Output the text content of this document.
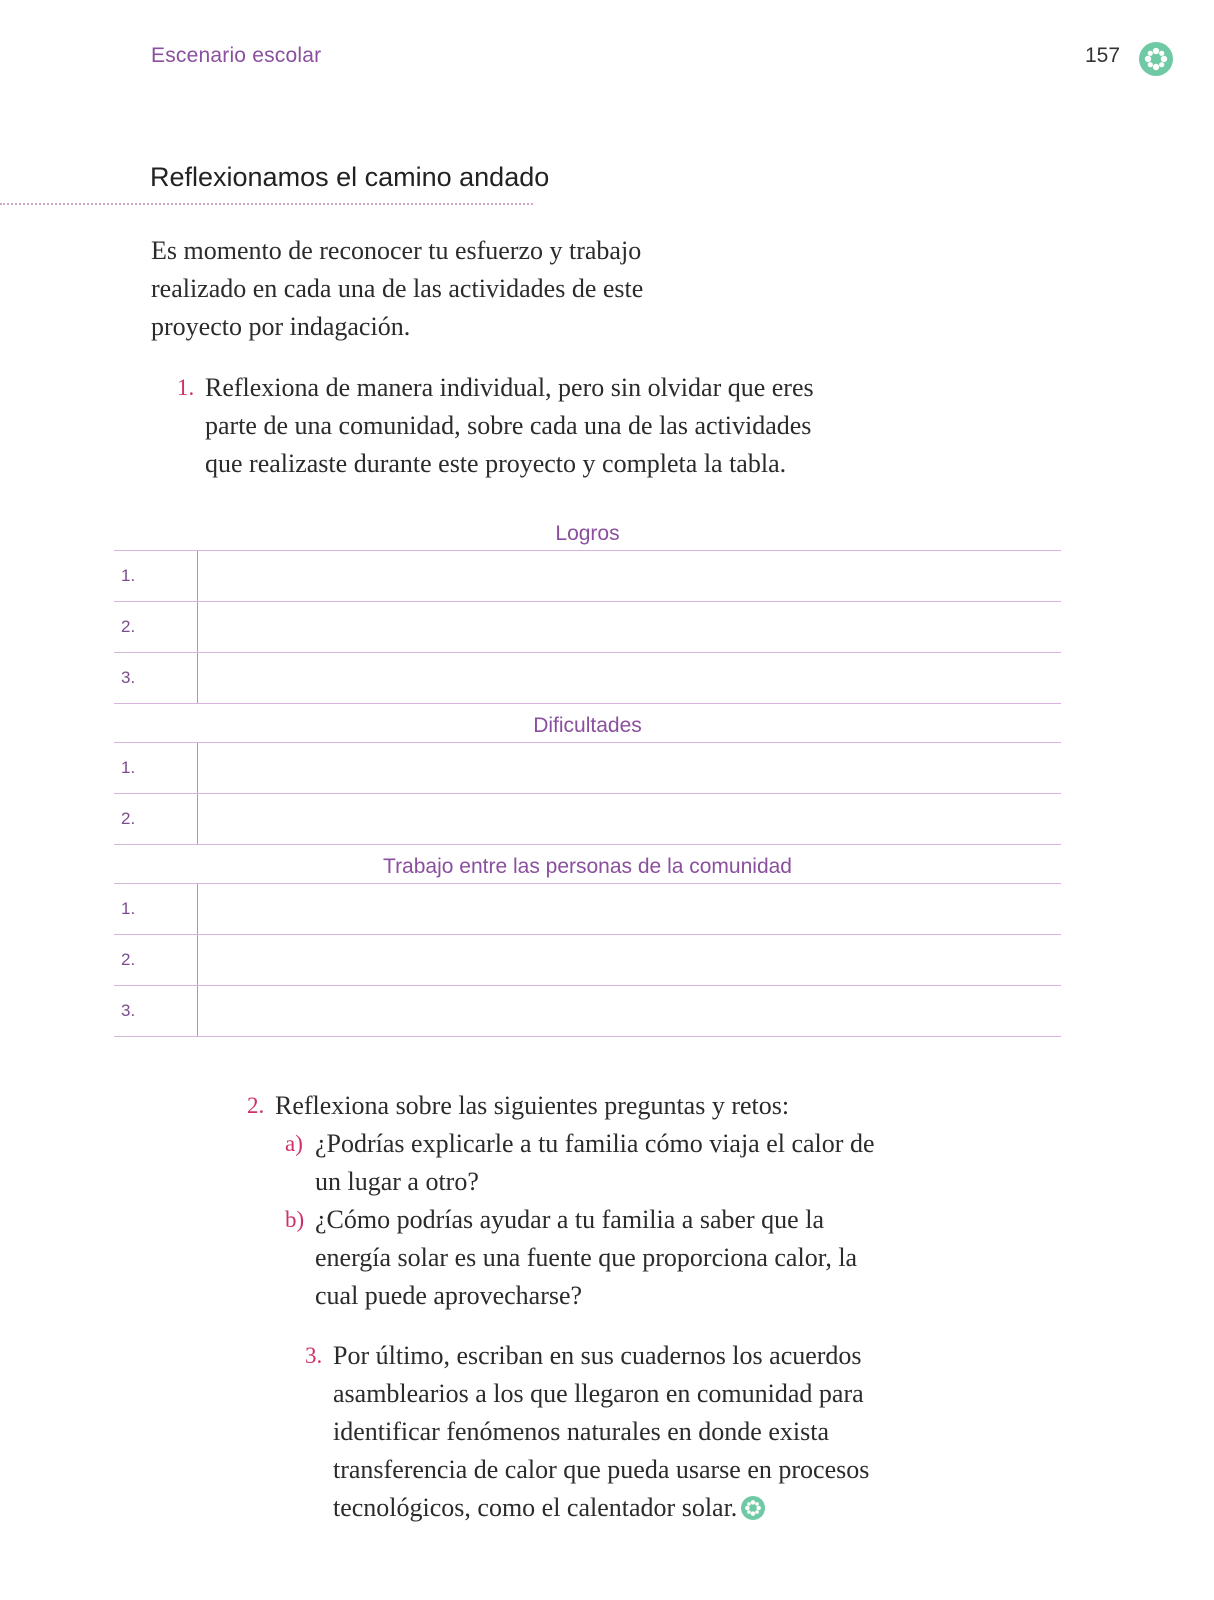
Escenario escolar	157
Reflexionamos el camino andado
Es momento de reconocer tu esfuerzo y trabajo realizado en cada una de las actividades de este proyecto por indagación.
1. Reflexiona de manera individual, pero sin olvidar que eres parte de una comunidad, sobre cada una de las actividades que realizaste durante este proyecto y completa la tabla.
Logros
1.
2.
3.
Dificultades
1.
2.
Trabajo entre las personas de la comunidad
1.
2.
3.
2. Reflexiona sobre las siguientes preguntas y retos:
a) ¿Podrías explicarle a tu familia cómo viaja el calor de un lugar a otro?
b) ¿Cómo podrías ayudar a tu familia a saber que la energía solar es una fuente que proporciona calor, la cual puede aprovecharse?
3. Por último, escriban en sus cuadernos los acuerdos asamblearios a los que llegaron en comunidad para identificar fenómenos naturales en donde exista transferencia de calor que pueda usarse en procesos tecnológicos, como el calentador solar.
